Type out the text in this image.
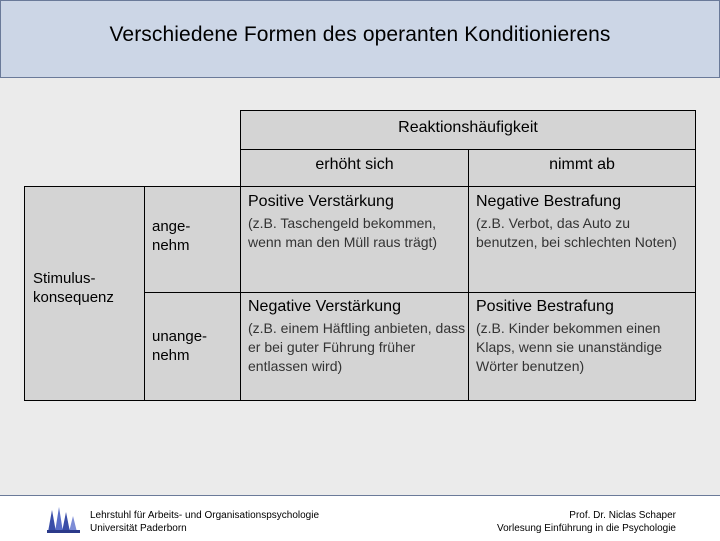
Verschiedene Formen des operanten Konditionierens
Reaktionshäufigkeit
erhöht sich	nimmt ab
Stimulus-
konsequenz
ange-
nehm
unange-
nehm
Positive Verstärkung
(z.B. Taschengeld bekommen, wenn man den Müll raus trägt)
Negative Bestrafung
(z.B. Verbot, das Auto zu benutzen, bei schlechten Noten)
Negative Verstärkung
(z.B. einem Häftling anbieten, dass er bei guter Führung früher entlassen wird)
Positive Bestrafung
(z.B. Kinder bekommen einen Klaps, wenn sie unanständige Wörter benutzen)
Lehrstuhl für Arbeits- und Organisationspsychologie
Universität Paderborn
Prof. Dr. Niclas Schaper
Vorlesung Einführung in die Psychologie
